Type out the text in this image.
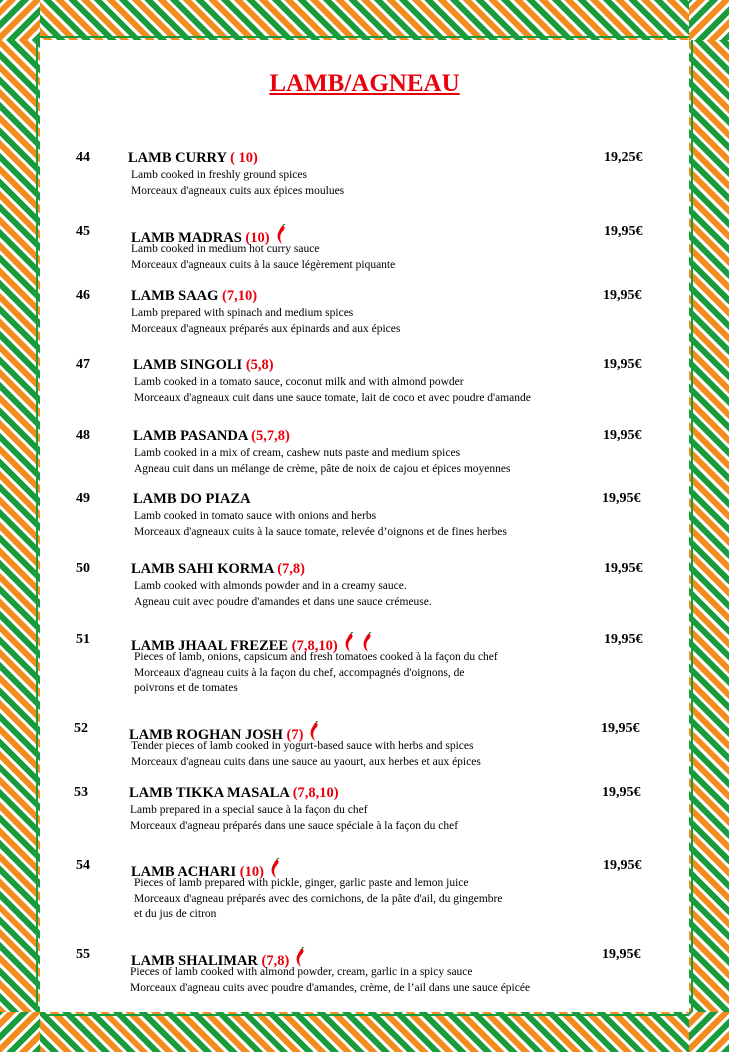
LAMB/AGNEAU
44	LAMB CURRY ( 10)	19,25€
Lamb cooked in freshly ground spices
Morceaux d'agneaux cuits aux épices moulues
45	LAMB MADRAS (10)	19,95€
Lamb cooked in medium hot curry sauce
Morceaux d'agneaux cuits à la sauce légèrement piquante
46	LAMB SAAG (7,10)	19,95€
Lamb prepared with spinach and medium spices
Morceaux d'agneaux préparés aux épinards and aux épices
47	LAMB SINGOLI (5,8)	19,95€
Lamb cooked in a tomato sauce, coconut milk and with almond powder
Morceaux d'agneaux cuit dans une sauce tomate, lait de coco et avec poudre d'amande
48	LAMB PASANDA (5,7,8)	19,95€
Lamb cooked in a mix of cream, cashew nuts paste and medium spices
Agneau cuit dans un mélange de crème, pâte de noix de cajou et épices moyennes
49	LAMB DO PIAZA	19,95€
Lamb cooked in tomato sauce with onions and herbs
Morceaux d'agneaux cuits à la sauce tomate, relevée d’oignons et de fines herbes
50	LAMB SAHI KORMA (7,8)	19,95€
Lamb cooked with almonds powder and in a creamy sauce.
Agneau cuit avec poudre d'amandes et dans une sauce crémeuse.
51	LAMB JHAAL FREZEE (7,8,10)	19,95€
Pieces of lamb, onions, capsicum and fresh tomatoes cooked à la façon du chef
Morceaux d'agneau cuits à la façon du chef, accompagnés d'oignons, de
poivrons et de tomates
52	LAMB ROGHAN JOSH (7)	19,95€
Tender pieces of lamb cooked in yogurt-based sauce with herbs and spices
Morceaux d'agneau cuits dans une sauce au yaourt, aux herbes et aux épices
53	LAMB TIKKA MASALA (7,8,10)	19,95€
Lamb prepared in a special sauce à la façon du chef
Morceaux d'agneau préparés dans une sauce spéciale à la façon du chef
54	LAMB ACHARI (10)	19,95€
Pieces of lamb prepared with pickle, ginger, garlic paste and lemon juice
Morceaux d'agneau préparés avec des cornichons, de la pâte d'ail, du gingembre
et du jus de citron
55	LAMB SHALIMAR (7,8)	19,95€
Pieces of lamb cooked with almond powder, cream, garlic in a spicy sauce
Morceaux d'agneau cuits avec poudre d'amandes, crème, de l’ail dans une sauce épicée
